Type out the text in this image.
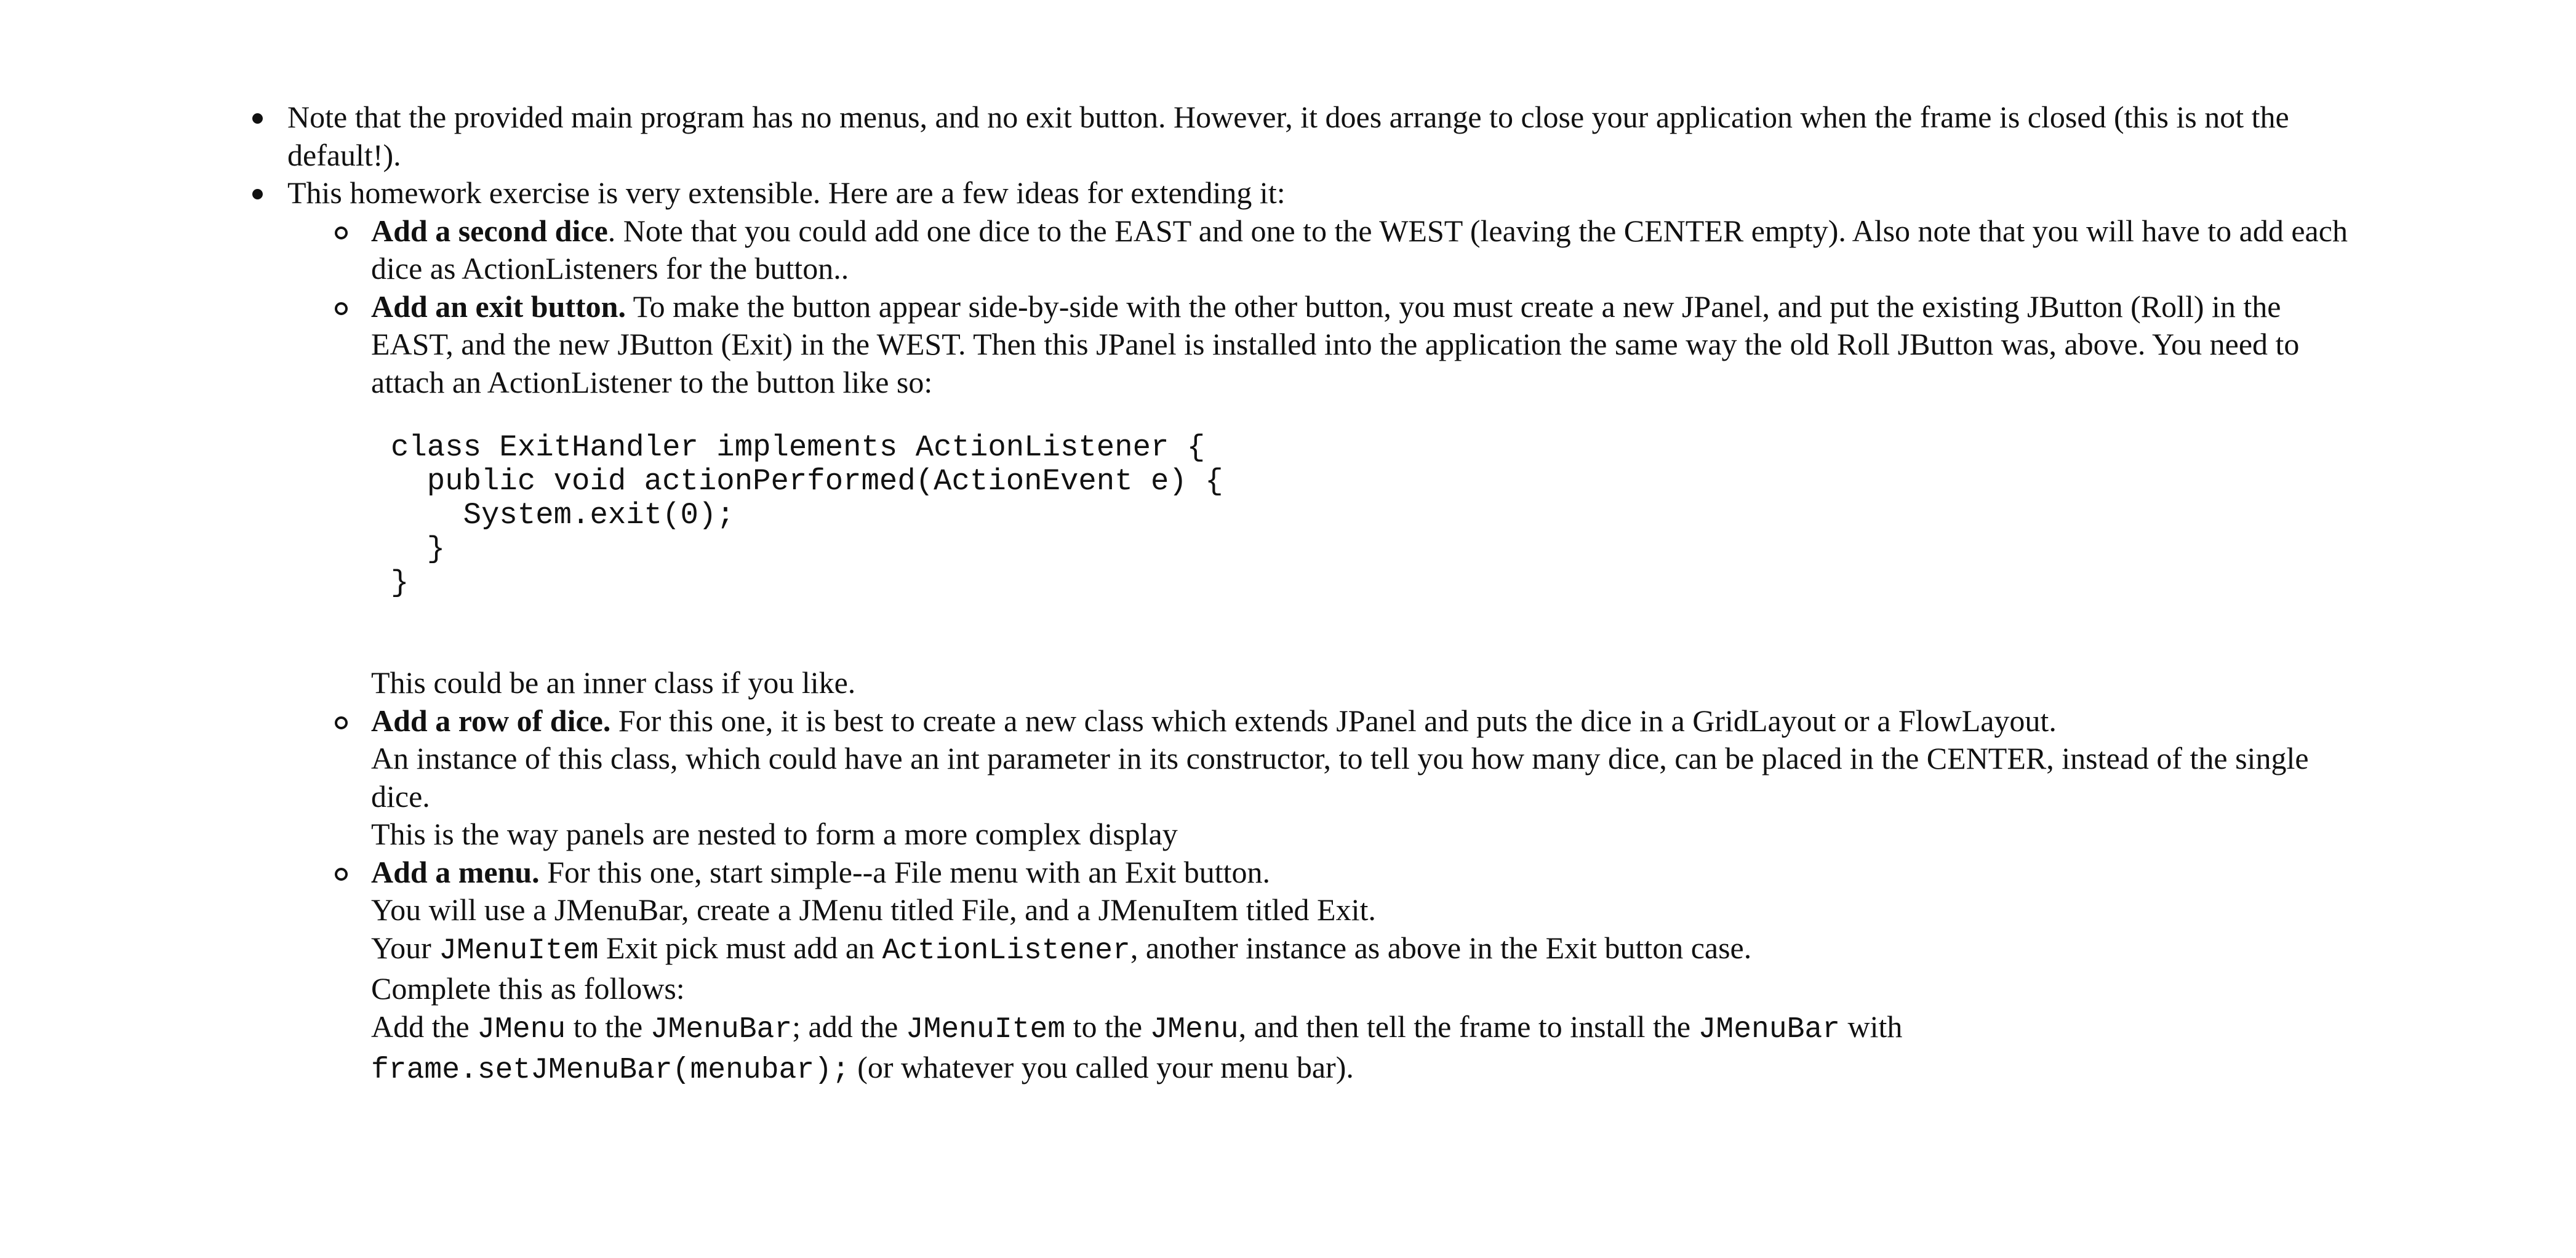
Note that the provided main program has no menus, and no exit button. However, it does arrange to close your application when the frame is closed (this is not the default!).
This homework exercise is very extensible. Here are a few ideas for extending it:
Add a second dice. Note that you could add one dice to the EAST and one to the WEST (leaving the CENTER empty). Also note that you will have to add each dice as ActionListeners for the button..
Add an exit button. To make the button appear side-by-side with the other button, you must create a new JPanel, and put the existing JButton (Roll) in the EAST, and the new JButton (Exit) in the WEST. Then this JPanel is installed into the application the same way the old Roll JButton was, above. You need to attach an ActionListener to the button like so:
class ExitHandler implements ActionListener {
public void actionPerformed(ActionEvent e) {
System.exit(0);
}
}
This could be an inner class if you like.
Add a row of dice. For this one, it is best to create a new class which extends JPanel and puts the dice in a GridLayout or a FlowLayout.
An instance of this class, which could have an int parameter in its constructor, to tell you how many dice, can be placed in the CENTER, instead of the single dice.
This is the way panels are nested to form a more complex display
Add a menu. For this one, start simple--a File menu with an Exit button.
You will use a JMenuBar, create a JMenu titled File, and a JMenuItem titled Exit.
Your JMenuItem Exit pick must add an ActionListener, another instance as above in the Exit button case.
Complete this as follows:
Add the JMenu to the JMenuBar; add the JMenuItem to the JMenu, and then tell the frame to install the JMenuBar with frame.setJMenuBar(menubar); (or whatever you called your menu bar).
